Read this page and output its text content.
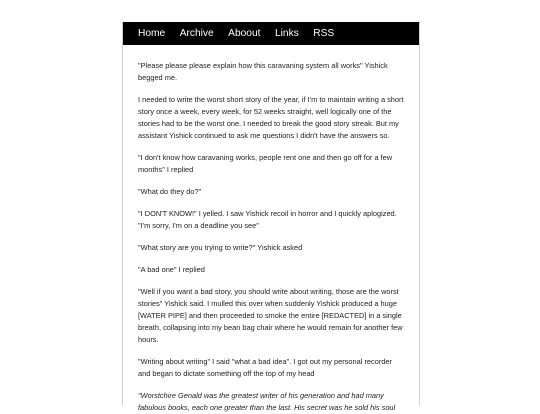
Home Archive Aboout Links RSS

"Please please please explain how this caravaning system all works" Yishick begged me.

I needed to write the worst short story of the year, if I'm to maintain writing a short story once a week, every week, for 52 weeks straight, well logically one of the stories had to be the worst one. I needed to break the good story streak. But my assistant Yishick continued to ask me questions I didn't have the answers so.

"I don't know how caravaning works, people rent one and then go off for a few months" I replied

"What do they do?"

"I DON'T KNOW!" I yelled. I saw Yishick recoil in horror and I quickly aplogized. "I'm sorry, I'm on a deadline you see"

"What story are you trying to write?" Yishick asked

"A bad one" I replied

"Well if you want a bad story, you should write about writing, those are the worst stories" Yishick said. I mulled this over when suddenly Yishick produced a huge [WATER PIPE] and then proceeded to smoke the entire [REDACTED] in a single breath, collapsing into my bean bag chair where he would remain for another few hours.

"Writing about writing" I said "what a bad idea". I got out my personal recorder and began to dictate something off the top of my head

"Worstchire Genald was the greatest writer of his generation and had many fabulous books, each one greater than the last. His secret was he sold his soul
